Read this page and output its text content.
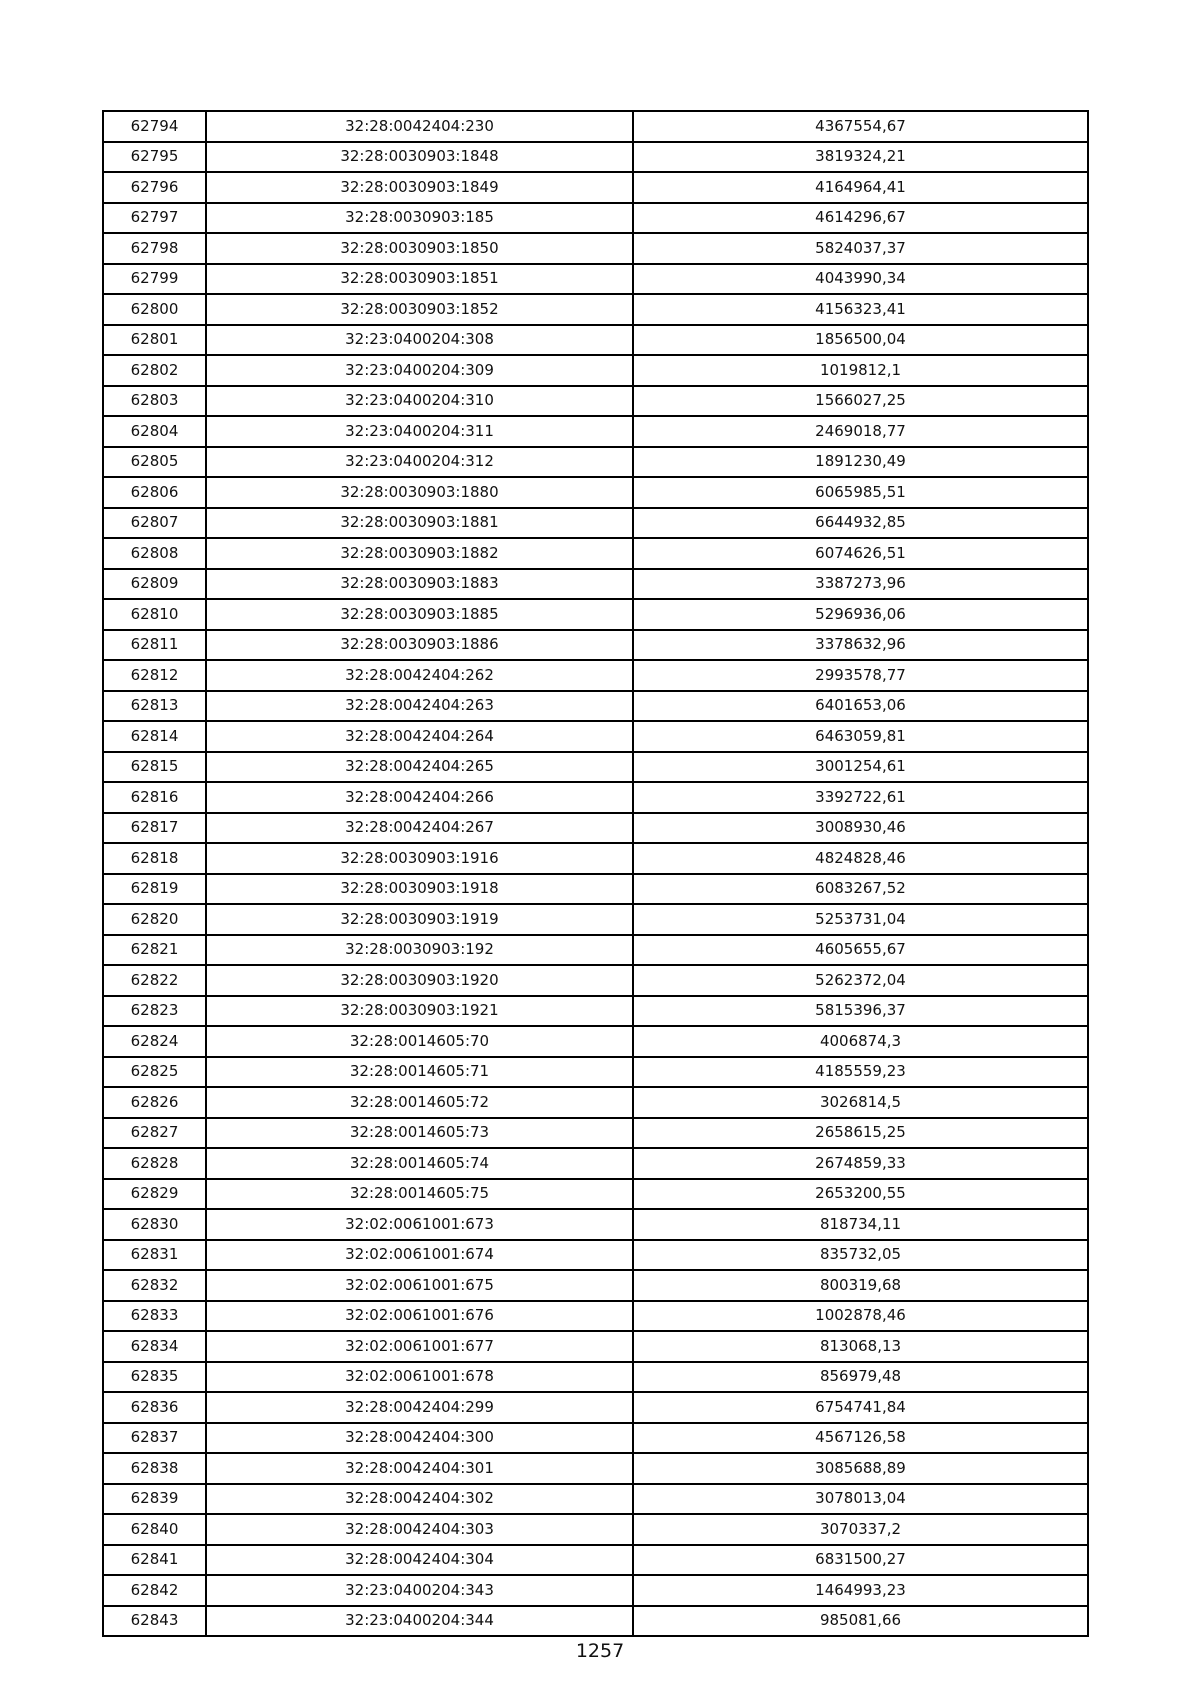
62794	32:28:0042404:230	4367554,67
62795	32:28:0030903:1848	3819324,21
62796	32:28:0030903:1849	4164964,41
62797	32:28:0030903:185	4614296,67
62798	32:28:0030903:1850	5824037,37
62799	32:28:0030903:1851	4043990,34
62800	32:28:0030903:1852	4156323,41
62801	32:23:0400204:308	1856500,04
62802	32:23:0400204:309	1019812,1
62803	32:23:0400204:310	1566027,25
62804	32:23:0400204:311	2469018,77
62805	32:23:0400204:312	1891230,49
62806	32:28:0030903:1880	6065985,51
62807	32:28:0030903:1881	6644932,85
62808	32:28:0030903:1882	6074626,51
62809	32:28:0030903:1883	3387273,96
62810	32:28:0030903:1885	5296936,06
62811	32:28:0030903:1886	3378632,96
62812	32:28:0042404:262	2993578,77
62813	32:28:0042404:263	6401653,06
62814	32:28:0042404:264	6463059,81
62815	32:28:0042404:265	3001254,61
62816	32:28:0042404:266	3392722,61
62817	32:28:0042404:267	3008930,46
62818	32:28:0030903:1916	4824828,46
62819	32:28:0030903:1918	6083267,52
62820	32:28:0030903:1919	5253731,04
62821	32:28:0030903:192	4605655,67
62822	32:28:0030903:1920	5262372,04
62823	32:28:0030903:1921	5815396,37
62824	32:28:0014605:70	4006874,3
62825	32:28:0014605:71	4185559,23
62826	32:28:0014605:72	3026814,5
62827	32:28:0014605:73	2658615,25
62828	32:28:0014605:74	2674859,33
62829	32:28:0014605:75	2653200,55
62830	32:02:0061001:673	818734,11
62831	32:02:0061001:674	835732,05
62832	32:02:0061001:675	800319,68
62833	32:02:0061001:676	1002878,46
62834	32:02:0061001:677	813068,13
62835	32:02:0061001:678	856979,48
62836	32:28:0042404:299	6754741,84
62837	32:28:0042404:300	4567126,58
62838	32:28:0042404:301	3085688,89
62839	32:28:0042404:302	3078013,04
62840	32:28:0042404:303	3070337,2
62841	32:28:0042404:304	6831500,27
62842	32:23:0400204:343	1464993,23
62843	32:23:0400204:344	985081,66
1257
